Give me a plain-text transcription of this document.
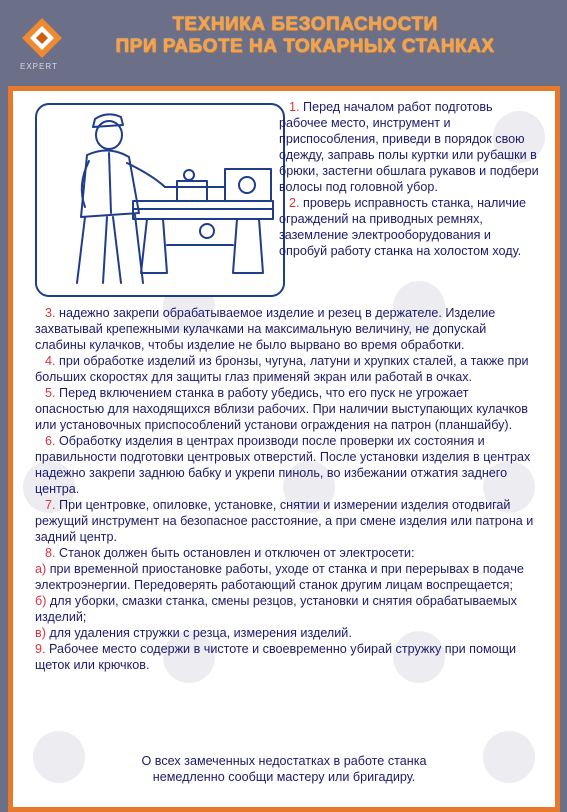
EXPERT
ТЕХНИКА БЕЗОПАСНОСТИ
ПРИ РАБОТЕ НА ТОКАРНЫХ СТАНКАХ

1. Перед началом работ подготовь рабочее место, инструмент и приспособления, приведи в порядок свою одежду, заправь полы куртки или рубашки в брюки, застегни обшлага рукавов и подбери волосы под головной убор.

2. проверь исправность станка, наличие ограждений на приводных ремнях, заземление электрооборудования и опробуй работу станка на холостом ходу.

3. надежно закрепи обрабатываемое изделие и резец в держателе. Изделие захватывай крепежными кулачками на максимальную величину, не допускай слабины кулачков, чтобы изделие не было вырвано во время обработки.

4. при обработке изделий из бронзы, чугуна, латуни и хрупких сталей, а также при больших скоростях для защиты глаз применяй экран или работай в очках.

5. Перед включением станка в работу убедись, что его пуск не угрожает опасностью для находящихся вблизи рабочих. При наличии выступающих кулачков или установочных приспособлений установи ограждения на патрон (планшайбу).

6. Обработку изделия в центрах производи после проверки их состояния и правильности подготовки центровых отверстий. После установки изделия в центрах надежно закрепи заднюю бабку и укрепи пиноль, во избежании отжатия заднего центра.

7. При центровке, опиловке, установке, снятии и измерении изделия отодвигай режущий инструмент на безопасное расстояние, а при смене изделия или патрона и задний центр.

8. Станок должен быть остановлен и отключен от электросети:

а) при временной приостановке работы, уходе от станка и при перерывах в подаче электроэнергии. Передоверять работающий станок другим лицам воспрещается;

б) для уборки, смазки станка, смены резцов, установки и снятия обрабатываемых изделий;

в) для удаления стружки с резца, измерения изделий.

9. Рабочее место содержи в чистоте и своевременно убирай стружку при помощи щеток или крючков.

О всех замеченных недостатках в работе станка
немедленно сообщи мастеру или бригадиру.
